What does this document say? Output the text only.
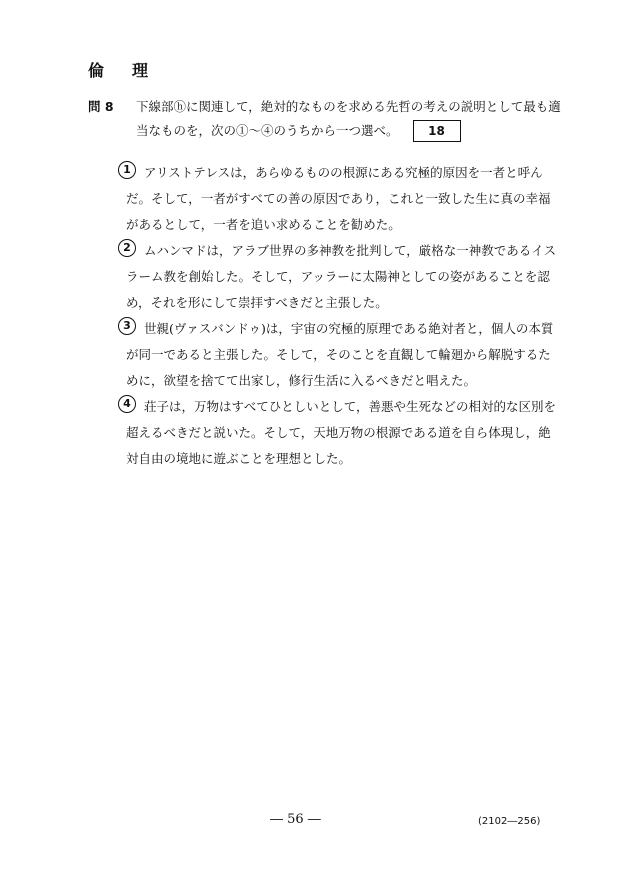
倫　理
問 8 下線部ⓗに関連して，絶対的なものを求める先哲の考えの説明として最も適
当なものを，次の①～④のうちから一つ選べ。	18
1	アリストテレスは，あらゆるものの根源にある究極的原因を一者と呼ん
だ。そして，一者がすべての善の原因であり，これと一致した生に真の幸福
があるとして，一者を追い求めることを勧めた。
2	ムハンマドは，アラブ世界の多神教を批判して，厳格な一神教であるイス
ラーム教を創始した。そして，アッラーに太陽神としての姿があることを認
め，それを形にして崇拝すべきだと主張した。
3	世親(ヴァスバンドゥ)は，宇宙の究極的原理である絶対者と，個人の本質
が同一であると主張した。そして，そのことを直観して輪廻から解脱するた
めに，欲望を捨てて出家し，修行生活に入るべきだと唱えた。
4	荘子は，万物はすべてひとしいとして，善悪や生死などの相対的な区別を
超えるべきだと説いた。そして，天地万物の根源である道を自ら体現し，絶
対自由の境地に遊ぶことを理想とした。
― 56 ―	(2102―256)
